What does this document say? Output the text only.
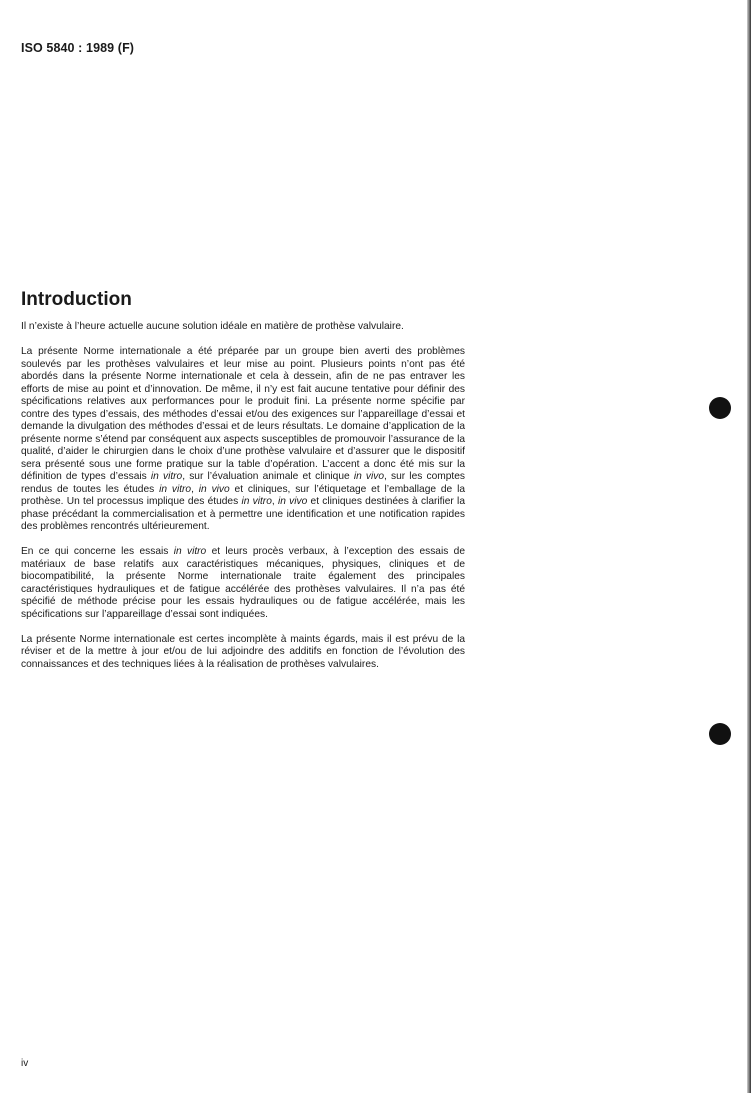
ISO 5840 : 1989 (F)
Introduction

Il n’existe à l’heure actuelle aucune solution idéale en matière de prothèse valvulaire.

La présente Norme internationale a été préparée par un groupe bien averti des problèmes soulevés par les prothèses valvulaires et leur mise au point. Plusieurs points n’ont pas été abordés dans la présente Norme internationale et cela à dessein, afin de ne pas entraver les efforts de mise au point et d’innovation. De même, il n’y est fait aucune tentative pour définir des spécifications relatives aux performances pour le produit fini. La présente norme spécifie par contre des types d’essais, des méthodes d’essai et/ou des exigences sur l’appareillage d’essai et demande la divulgation des méthodes d’essai et de leurs résultats. Le domaine d’application de la présente norme s’étend par conséquent aux aspects susceptibles de promouvoir l’assurance de la qualité, d’aider le chirurgien dans le choix d’une prothèse valvulaire et d’assurer que le dispositif sera présenté sous une forme pratique sur la table d’opération. L’accent a donc été mis sur la définition de types d’essais in vitro, sur l’évaluation animale et clinique in vivo, sur les comptes rendus de toutes les études in vitro, in vivo et cliniques, sur l’étiquetage et l’emballage de la prothèse. Un tel processus implique des études in vitro, in vivo et cliniques destinées à clarifier la phase précédant la commercialisation et à permettre une identification et une notification rapides des problèmes rencontrés ultérieurement.

En ce qui concerne les essais in vitro et leurs procès verbaux, à l’exception des essais de matériaux de base relatifs aux caractéristiques mécaniques, physiques, cliniques et de biocompatibilité, la présente Norme internationale traite également des principales caractéristiques hydrauliques et de fatigue accélérée des prothèses valvulaires. Il n’a pas été spécifié de méthode précise pour les essais hydrauliques ou de fatigue accélérée, mais les spécifications sur l’appareillage d’essai sont indiquées.

La présente Norme internationale est certes incomplète à maints égards, mais il est prévu de la réviser et de la mettre à jour et/ou de lui adjoindre des additifs en fonction de l’évolution des connaissances et des techniques liées à la réalisation de prothèses valvulaires.

iv
